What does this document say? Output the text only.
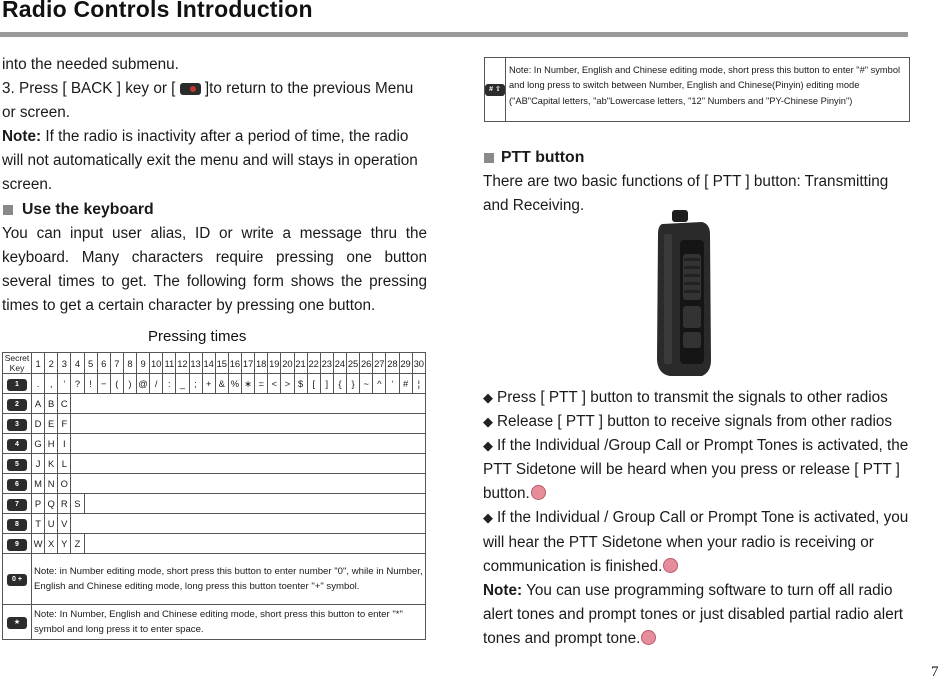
Radio Controls Introduction

into the needed submenu.

3. Press [ BACK ] key or [
]to return to the previous Menu or screen.

Note: If the radio is inactivity after a period of time, the radio will not automatically exit the menu and will stays in operation screen.

Use the keyboard

You can input user alias, ID or write a message thru the keyboard. Many characters require pressing one button several times to get. The following form shows the pressing times to get a certain character by pressing one button.

Pressing times
Secret Key	1	2	3	4	5	6	7	8	9	10	11	12	13	14	15	16	17	18	19	20	21	22	23	24	25	26	27	28	29	30
1	.	,	’	?	!	−	(	)	@	/	:	_	;	+	&	%	∗	=	<	>	$	[	]	{	}	~	^	‘	#	¦
2	A	B	C																											
3	D	E	F																											
4	G	H	I																											
5	J	K	L																											
6	M	N	O																											
7	P	Q	R	S																										
8	T	U	V																											
9	W	X	Y	Z																										
0 +	Note: in Number editing mode, short press this button to enter number "0", while in Number, English and Chinese editing mode, long press this button toenter "+" symbol.																													
★	Note: In Number, English and Chinese editing mode, short press this button to enter "*" symbol and long press it to enter space.																													
# ⇧
Note: In Number, English and Chinese editing mode, short press this button to enter "#" symbol and long press to switch between Number, English and Chinese(Pinyin) editing mode ("AB"Capital letters, "ab"Lowercase letters, "12" Numbers and "PY-Chinese Pinyin")

PTT button

There are two basic functions of [ PTT ] button: Transmitting and Receiving.

◆ Press [ PTT ] button to transmit the signals to other radios

◆ Release [ PTT ] button to receive signals from other radios

◆ If the Individual /Group Call or Prompt Tones is activated, the PTT Sidetone will be heard when you press or release [ PTT ] button.

◆ If the Individual / Group Call or Prompt Tone is activated, you will hear the PTT Sidetone when your radio is receiving or communication is finished.

Note: You can use programming software to turn off all radio alert tones and prompt tones or just disabled partial radio alert tones and prompt tone.

7
